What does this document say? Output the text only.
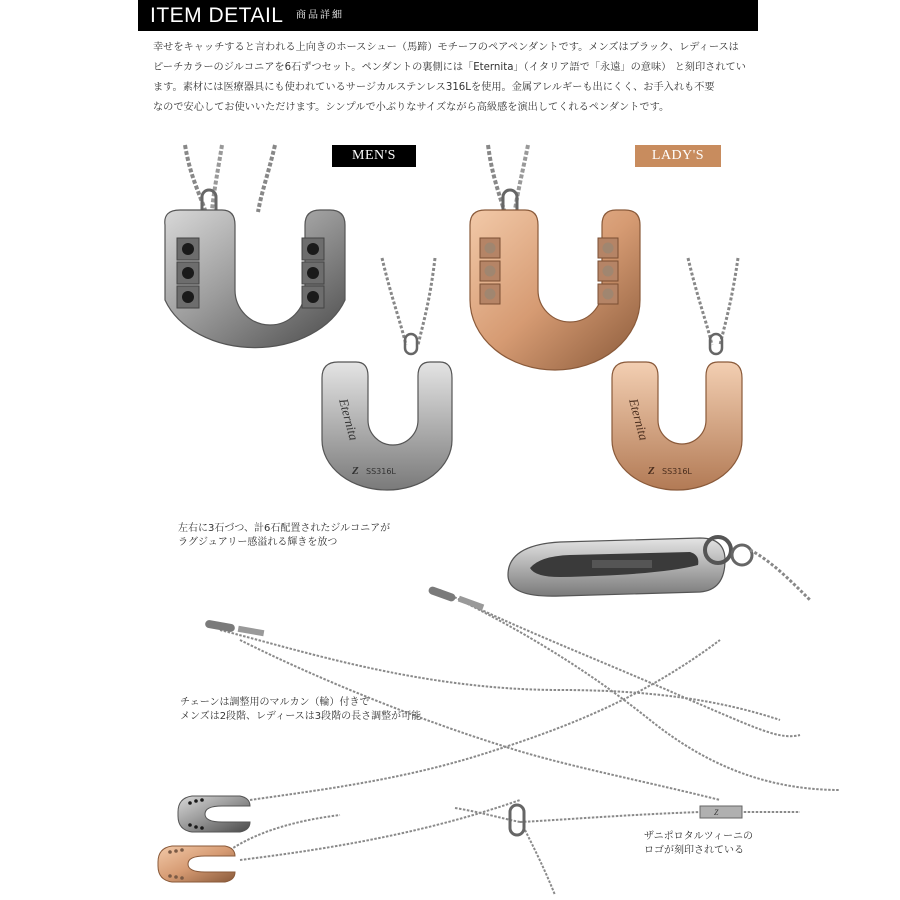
ITEM DETAIL 商品詳細

幸せをキャッチすると言われる上向きのホースシュー（馬蹄）モチーフのペアペンダントです。メンズはブラック、レディースは

ピーチカラーのジルコニアを6石ずつセット。ペンダントの裏側には「Eternita」（イタリア語で「永遠」の意味） と刻印されてい

ます。素材には医療器具にも使われているサージカルステンレス316Lを使用。金属アレルギーも出にくく、お手入れも不要

なので安心してお使いいただけます。シンプルで小ぶりなサイズながら高級感を演出してくれるペンダントです。

Eternita
Z SS316L
Eternita
Z SS316L
Z
MEN'S	LADY'S
左右に3石づつ、計6石配置されたジルコニアが
ラグジュアリー感溢れる輝きを放つ
チェーンは調整用のマルカン（輪）付きで
メンズは2段階、レディースは3段階の長さ調整が可能
ザニポロタルツィーニの
ロゴが刻印されている
